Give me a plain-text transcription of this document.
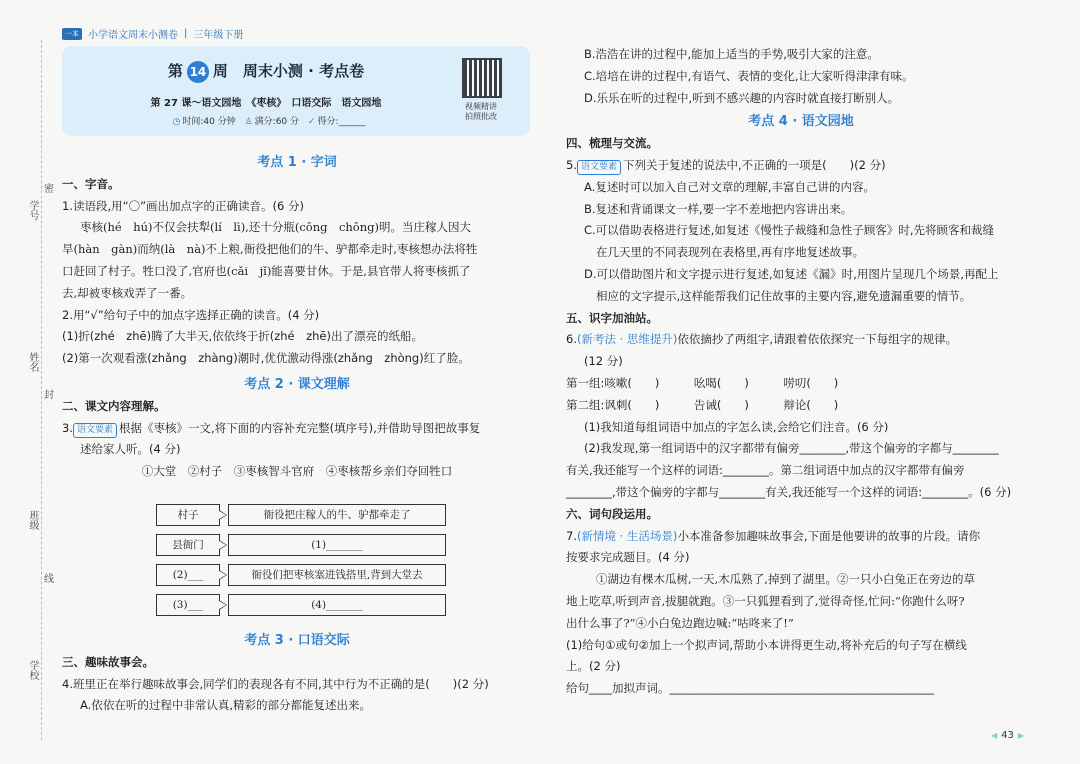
一本 小学语文周末小测卷 | 三年级下册
密
学号
姓名
封
班级
线
学校
第 14 周　周末小测 · 考点卷
第 27 课～语文园地　《枣核》　口语交际　语文园地
◷ 时间:40 分钟 ♙ 满分:60 分 ✓ 得分:______
视频精讲
拍照批改
考点 1 · 字词
一、字音。
1.读语段,用“〇”画出加点字的正确读音。(6 分)
枣核(hé　hú)不仅会扶犁(lí　lì),还十分瓶(cōng　chōng)明。当庄稼人因大
旱(hàn　gàn)而纳(là　nà)不上粮,衙役把他们的牛、驴都牵走时,枣核想办法将牲
口赶回了村子。牲口没了,官府也(cǎi　jǐ)能喜要甘休。于是,县官带人将枣核抓了
去,却被枣核戏弄了一番。
2.用“√”给句子中的加点字选择正确的读音。(4 分)
(1)折(zhé　zhē)腾了大半天,依依终于折(zhé　zhē)出了漂亮的纸船。
(2)第一次观看涨(zhǎng　zhàng)潮时,优优激动得涨(zhǎng　zhòng)红了脸。
考点 2 · 课文理解
二、课文内容理解。
3. 语文要素 根据《枣核》一文,将下面的内容补充完整(填序号),并借助导图把故事复
述给家人听。(4 分)
①大堂　②村子　③枣核智斗官府　④枣核帮乡亲们夺回牲口
村子	衙役把庄稼人的牛、驴都牵走了
县衙门	(1)_______
(2)___	衙役们把枣核塞进钱搭里,背到大堂去
(3)___	(4)_______
考点 3 · 口语交际
三、趣味故事会。
4.班里正在举行趣味故事会,同学们的表现各有不同,其中行为不正确的是(　　)(2 分)
A.依依在听的过程中非常认真,精彩的部分都能复述出来。
B.浩浩在讲的过程中,能加上适当的手势,吸引大家的注意。
C.培培在讲的过程中,有语气、表情的变化,让大家听得津津有味。
D.乐乐在听的过程中,听到不感兴趣的内容时就直接打断别人。
考点 4 · 语文园地
四、梳理与交流。
5. 语文要素 下列关于复述的说法中,不正确的一项是(　　)(2 分)
A.复述时可以加入自己对文章的理解,丰富自己讲的内容。
B.复述和背诵课文一样,要一字不差地把内容讲出来。
C.可以借助表格进行复述,如复述《慢性子裁缝和急性子顾客》时,先将顾客和裁缝
在几天里的不同表现列在表格里,再有序地复述故事。
D.可以借助图片和文字提示进行复述,如复述《漏》时,用图片呈现几个场景,再配上
相应的文字提示,这样能帮我们记住故事的主要内容,避免遗漏重要的情节。
五、识字加油站。
6.(新考法 · 思维提升)依依摘抄了两组字,请跟着依依探究一下每组字的规律。
(12 分)
第一组:咳嗽(　　)　　　吆喝(　　)　　　唠叨(　　)
第二组:讽刺(　　)　　　告诫(　　)　　　辩论(　　)
(1)我知道每组词语中加点的字怎么读,会给它们注音。(6 分)
(2)我发现,第一组词语中的汉字都带有偏旁________,带这个偏旁的字都与________
有关,我还能写一个这样的词语:________。第二组词语中加点的汉字都带有偏旁
________,带这个偏旁的字都与________有关,我还能写一个这样的词语:________。(6 分)
六、词句段运用。
7.(新情境 · 生活场景)小本准备参加趣味故事会,下面是他要讲的故事的片段。请你
按要求完成题目。(4 分)
①湖边有棵木瓜树,一天,木瓜熟了,掉到了湖里。②一只小白兔正在旁边的草
地上吃草,听到声音,拔腿就跑。③一只狐狸看到了,觉得奇怪,忙问:“你跑什么呀?
出什么事了?”④小白兔边跑边喊:“咕咚来了!”
(1)给句①或句②加上一个拟声词,帮助小本讲得更生动,将补充后的句子写在横线
上。(2 分)
给句____加拟声词。______________________________________________
◀ 43 ▶
